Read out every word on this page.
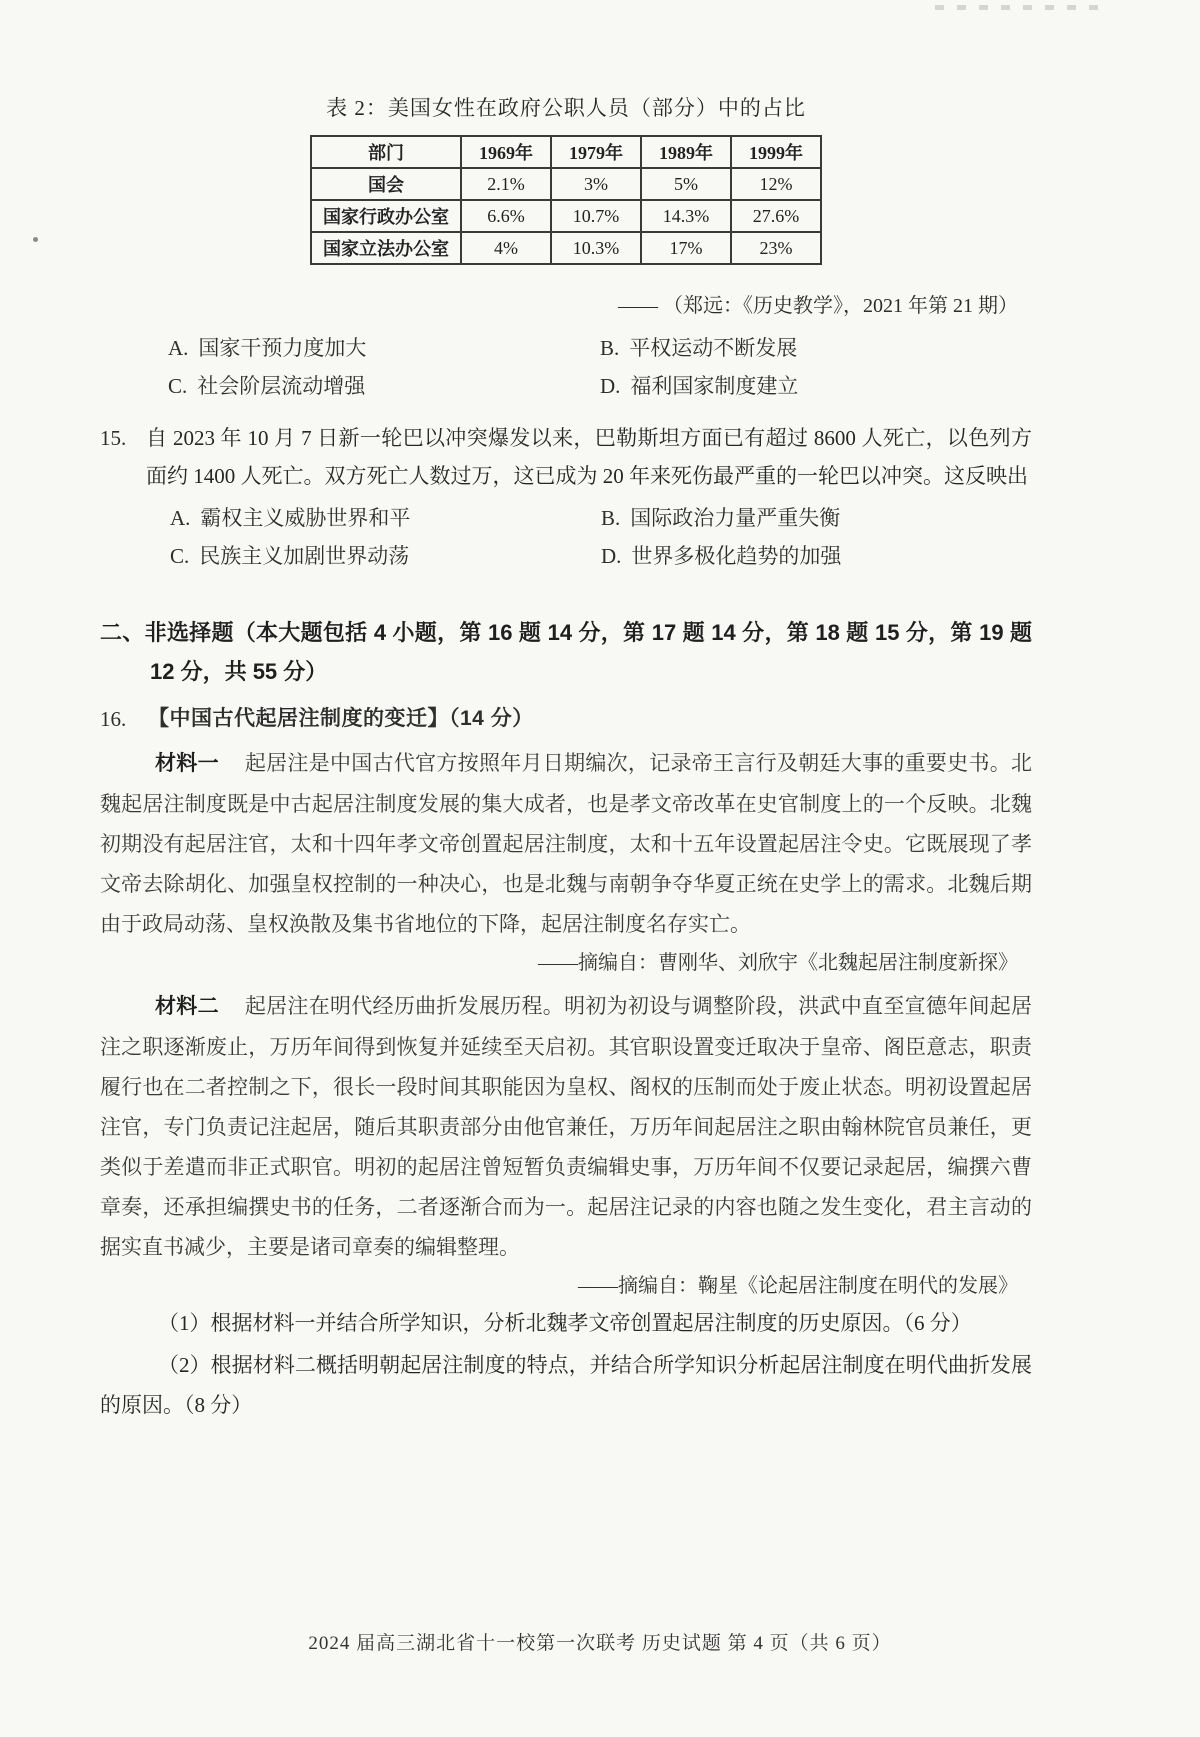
表 2：美国女性在政府公职人员（部分）中的占比
部门	1969年	1979年	1989年	1999年
国会	2.1%	3%	5%	12%
国家行政办公室	6.6%	10.7%	14.3%	27.6%
国家立法办公室	4%	10.3%	17%	23%
—— （郑远：《历史教学》，2021 年第 21 期）
A. 国家干预力度加大	B. 平权运动不断发展
C. 社会阶层流动增强	D. 福利国家制度建立
15. 自 2023 年 10 月 7 日新一轮巴以冲突爆发以来，巴勒斯坦方面已有超过 8600 人死亡，以色列方面约 1400 人死亡。双方死亡人数过万，这已成为 20 年来死伤最严重的一轮巴以冲突。这反映出
A. 霸权主义威胁世界和平	B. 国际政治力量严重失衡
C. 民族主义加剧世界动荡	D. 世界多极化趋势的加强
二、非选择题（本大题包括 4 小题，第 16 题 14 分，第 17 题 14 分，第 18 题 15 分，第 19 题 12 分，共 55 分）
16. 【中国古代起居注制度的变迁】（14 分）

材料一 起居注是中国古代官方按照年月日期编次，记录帝王言行及朝廷大事的重要史书。北魏起居注制度既是中古起居注制度发展的集大成者，也是孝文帝改革在史官制度上的一个反映。北魏初期没有起居注官，太和十四年孝文帝创置起居注制度，太和十五年设置起居注令史。它既展现了孝文帝去除胡化、加强皇权控制的一种决心，也是北魏与南朝争夺华夏正统在史学上的需求。北魏后期由于政局动荡、皇权涣散及集书省地位的下降，起居注制度名存实亡。

——摘编自：曹刚华、刘欣宇《北魏起居注制度新探》

材料二 起居注在明代经历曲折发展历程。明初为初设与调整阶段，洪武中直至宣德年间起居注之职逐渐废止，万历年间得到恢复并延续至天启初。其官职设置变迁取决于皇帝、阁臣意志，职责履行也在二者控制之下，很长一段时间其职能因为皇权、阁权的压制而处于废止状态。明初设置起居注官，专门负责记注起居，随后其职责部分由他官兼任，万历年间起居注之职由翰林院官员兼任，更类似于差遣而非正式职官。明初的起居注曾短暂负责编辑史事，万历年间不仅要记录起居，编撰六曹章奏，还承担编撰史书的任务，二者逐渐合而为一。起居注记录的内容也随之发生变化，君主言动的据实直书减少，主要是诸司章奏的编辑整理。

——摘编自：鞠星《论起居注制度在明代的发展》
（1）根据材料一并结合所学知识，分析北魏孝文帝创置起居注制度的历史原因。（6 分）
（2）根据材料二概括明朝起居注制度的特点，并结合所学知识分析起居注制度在明代曲折发展的原因。（8 分）
2024 届高三湖北省十一校第一次联考 历史试题 第 4 页（共 6 页）
